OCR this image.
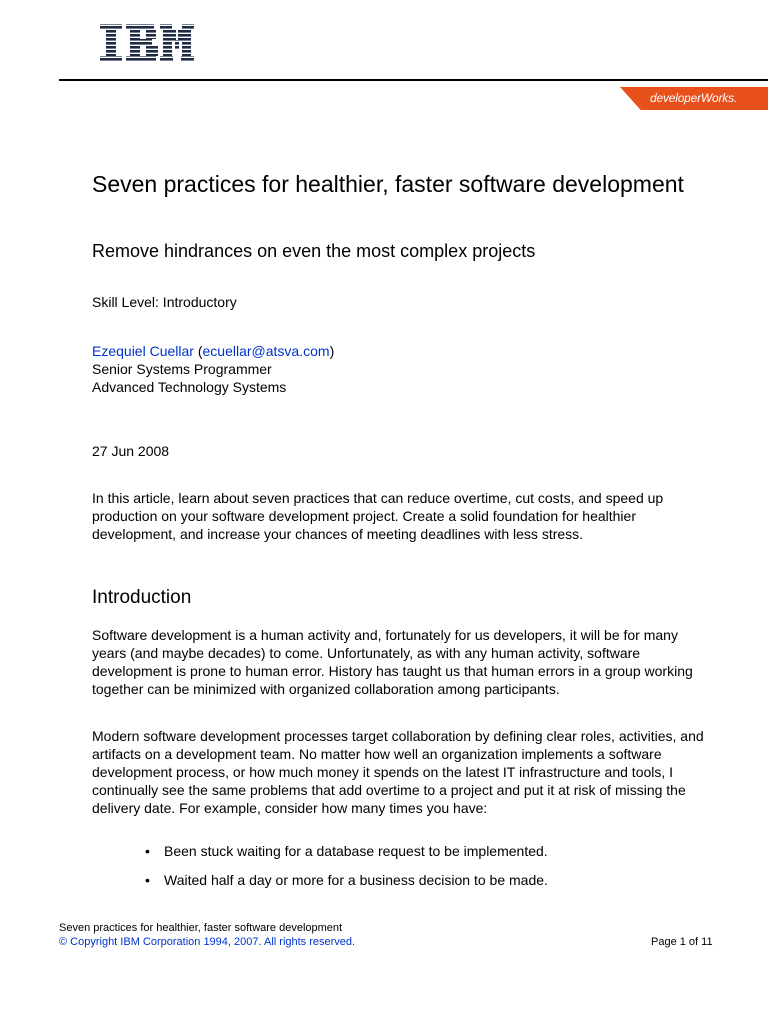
developerWorks.
Seven practices for healthier, faster software development
Remove hindrances on even the most complex projects

Skill Level: Introductory

Ezequiel Cuellar (ecuellar@atsva.com)
Senior Systems Programmer
Advanced Technology Systems

27 Jun 2008

In this article, learn about seven practices that can reduce overtime, cut costs, and speed up production on your software development project. Create a solid foundation for healthier development, and increase your chances of meeting deadlines with less stress.

Introduction

Software development is a human activity and, fortunately for us developers, it will be for many years (and maybe decades) to come. Unfortunately, as with any human activity, software development is prone to human error. History has taught us that human errors in a group working together can be minimized with organized collaboration among participants.

Modern software development processes target collaboration by defining clear roles, activities, and artifacts on a development team. No matter how well an organization implements a software development process, or how much money it spends on the latest IT infrastructure and tools, I continually see the same problems that add overtime to a project and put it at risk of missing the delivery date. For example, consider how many times you have:

• Been stuck waiting for a database request to be implemented.
• Waited half a day or more for a business decision to be made.
Seven practices for healthier, faster software development
© Copyright IBM Corporation 1994, 2007. All rights reserved.	Page 1 of 11
